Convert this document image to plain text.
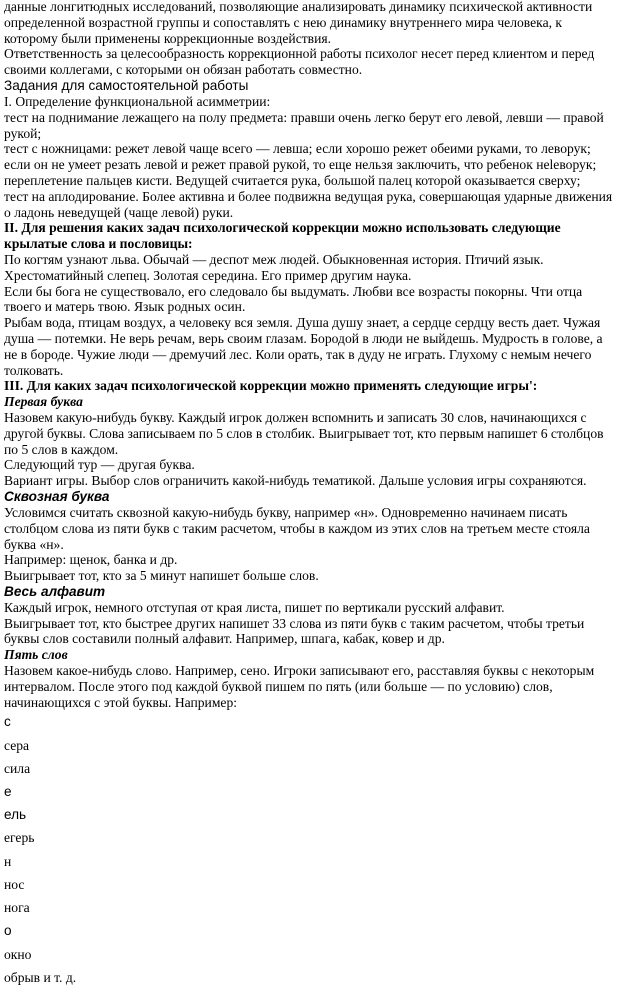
данные лонгитюдных исследований, позволяющие анализировать динамику психической активности определенной возрастной группы и сопоставлять с нею динамику внутреннего мира человека, к которому были применены коррекционные воздействия.

Ответственность за целесообразность коррекционной работы психолог несет перед клиентом и перед своими коллегами, с которыми он обязан работать совместно.

Задания для самостоятельной работы

I. Определение функциональной асимметрии:

тест на поднимание лежащего на полу предмета: правши очень легко берут его левой, левши — правой рукой;

тест с ножницами: режет левой чаще всего — левша; если хорошо режет обеими руками, то леворук; если он не умеет резать левой и режет правой рукой, то еще нельзя заключить, что ребенок неleворук;

переплетение пальцев кисти. Ведущей считается рука, большой палец которой оказывается сверху;

тест на аплодирование. Более активна и более подвижна ведущая рука, совершающая ударные движения о ладонь неведущей (чаще левой) руки.

II. Для решения каких задач психологической коррекции можно использовать следующие крылатые слова и пословицы:

По когтям узнают льва. Обычай — деспот меж людей. Обыкновенная история. Птичий язык. Хрестоматийный слепец. Золотая середина. Его пример другим наука.

Если бы бога не существовало, его следовало бы выдумать. Любви все возрасты покорны. Чти отца твоего и матерь твою. Язык родных осин.

Рыбам вода, птицам воздух, а человеку вся земля. Душа душу знает, а сердце сердцу весть дает. Чужая душа — потемки. Не верь речам, верь своим глазам. Бородой в люди не выйдешь. Мудрость в голове, а не в бороде. Чужие люди — дремучий лес. Коли орать, так в дуду не играть. Глухому с немым нечего толковать.

III. Для каких задач психологической коррекции можно применять следующие игры':

Первая буква

Назовем какую-нибудь букву. Каждый игрок должен вспомнить и записать 30 слов, начинающихся с другой буквы. Слова записываем по 5 слов в столбик. Выигрывает тот, кто первым напишет 6 столбцов по 5 слов в каждом.

Следующий тур — другая буква.

Вариант игры. Выбор слов ограничить какой-нибудь тематикой. Дальше условия игры сохраняются.

Сквозная буква

Условимся считать сквозной какую-нибудь букву, например «н». Одновременно начинаем писать столбцом слова из пяти букв с таким расчетом, чтобы в каждом из этих слов на третьем месте стояла буква «н».

Например: щенок, банка и др.

Выигрывает тот, кто за 5 минут напишет больше слов.

Весь алфавит

Каждый игрок, немного отступая от края листа, пишет по вертикали русский алфавит.

Выигрывает тот, кто быстрее других напишет 33 слова из пяти букв с таким расчетом, чтобы третьи буквы слов составили полный алфавит. Например, шпага, кабак, ковер и др.

Пять слов

Назовем какое-нибудь слово. Например, сено. Игроки записывают его, расставляя буквы с некоторым интервалом. После этого под каждой буквой пишем по пять (или больше — по условию) слов, начинающихся с этой буквы. Например:

с

сера

сила

е

ель

егерь

н

нос

нога

о

окно

обрыв и т. д.
